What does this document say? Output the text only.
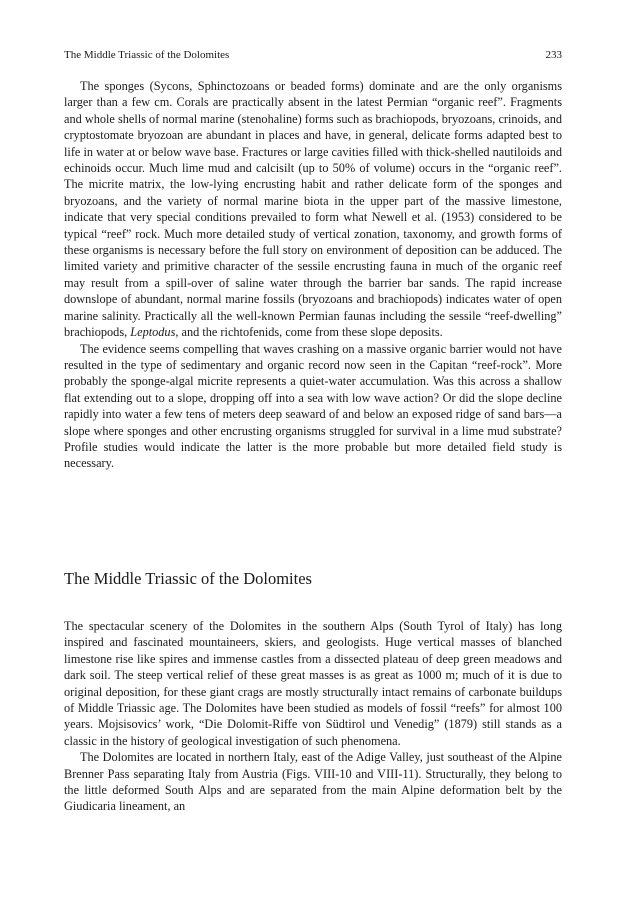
The Middle Triassic of the Dolomites	233

The sponges (Sycons, Sphinctozoans or beaded forms) dominate and are the only organisms larger than a few cm. Corals are practically absent in the latest Permian “organic reef”. Fragments and whole shells of normal marine (stenohaline) forms such as brachiopods, bryozoans, crinoids, and cryptostomate bryozoan are abundant in places and have, in general, delicate forms adapted best to life in water at or below wave base. Fractures or large cavities filled with thick-shelled nautiloids and echinoids occur. Much lime mud and calcisilt (up to 50% of volume) occurs in the “organic reef”. The micrite matrix, the low-lying encrusting habit and rather delicate form of the sponges and bryozoans, and the variety of normal marine biota in the upper part of the massive limestone, indicate that very special conditions prevailed to form what Newell et al. (1953) considered to be typical “reef” rock. Much more detailed study of vertical zonation, taxonomy, and growth forms of these organisms is necessary before the full story on environment of deposition can be adduced. The limited variety and primitive character of the sessile encrusting fauna in much of the organic reef may result from a spill-over of saline water through the barrier bar sands. The rapid increase downslope of abundant, normal marine fossils (bryozoans and brachiopods) indicates water of open marine salinity. Practically all the well-known Permian faunas including the sessile “reef-dwelling” brachiopods, Leptodus, and the richtofenids, come from these slope deposits.

The evidence seems compelling that waves crashing on a massive organic barrier would not have resulted in the type of sedimentary and organic record now seen in the Capitan “reef-rock”. More probably the sponge-algal micrite represents a quiet-water accumulation. Was this across a shallow flat extending out to a slope, dropping off into a sea with low wave action? Or did the slope decline rapidly into water a few tens of meters deep seaward of and below an exposed ridge of sand bars—a slope where sponges and other encrusting organisms struggled for survival in a lime mud substrate? Profile studies would indicate the latter is the more probable but more detailed field study is necessary.

The Middle Triassic of the Dolomites

The spectacular scenery of the Dolomites in the southern Alps (South Tyrol of Italy) has long inspired and fascinated mountaineers, skiers, and geologists. Huge vertical masses of blanched limestone rise like spires and immense castles from a dissected plateau of deep green meadows and dark soil. The steep vertical relief of these great masses is as great as 1000 m; much of it is due to original deposition, for these giant crags are mostly structurally intact remains of carbonate buildups of Middle Triassic age. The Dolomites have been studied as models of fossil “reefs” for almost 100 years. Mojsisovics’ work, “Die Dolomit-Riffe von Südtirol und Venedig” (1879) still stands as a classic in the history of geological investigation of such phenomena.

The Dolomites are located in northern Italy, east of the Adige Valley, just southeast of the Alpine Brenner Pass separating Italy from Austria (Figs. VIII-10 and VIII-11). Structurally, they belong to the little deformed South Alps and are separated from the main Alpine deformation belt by the Giudicaria lineament, an
